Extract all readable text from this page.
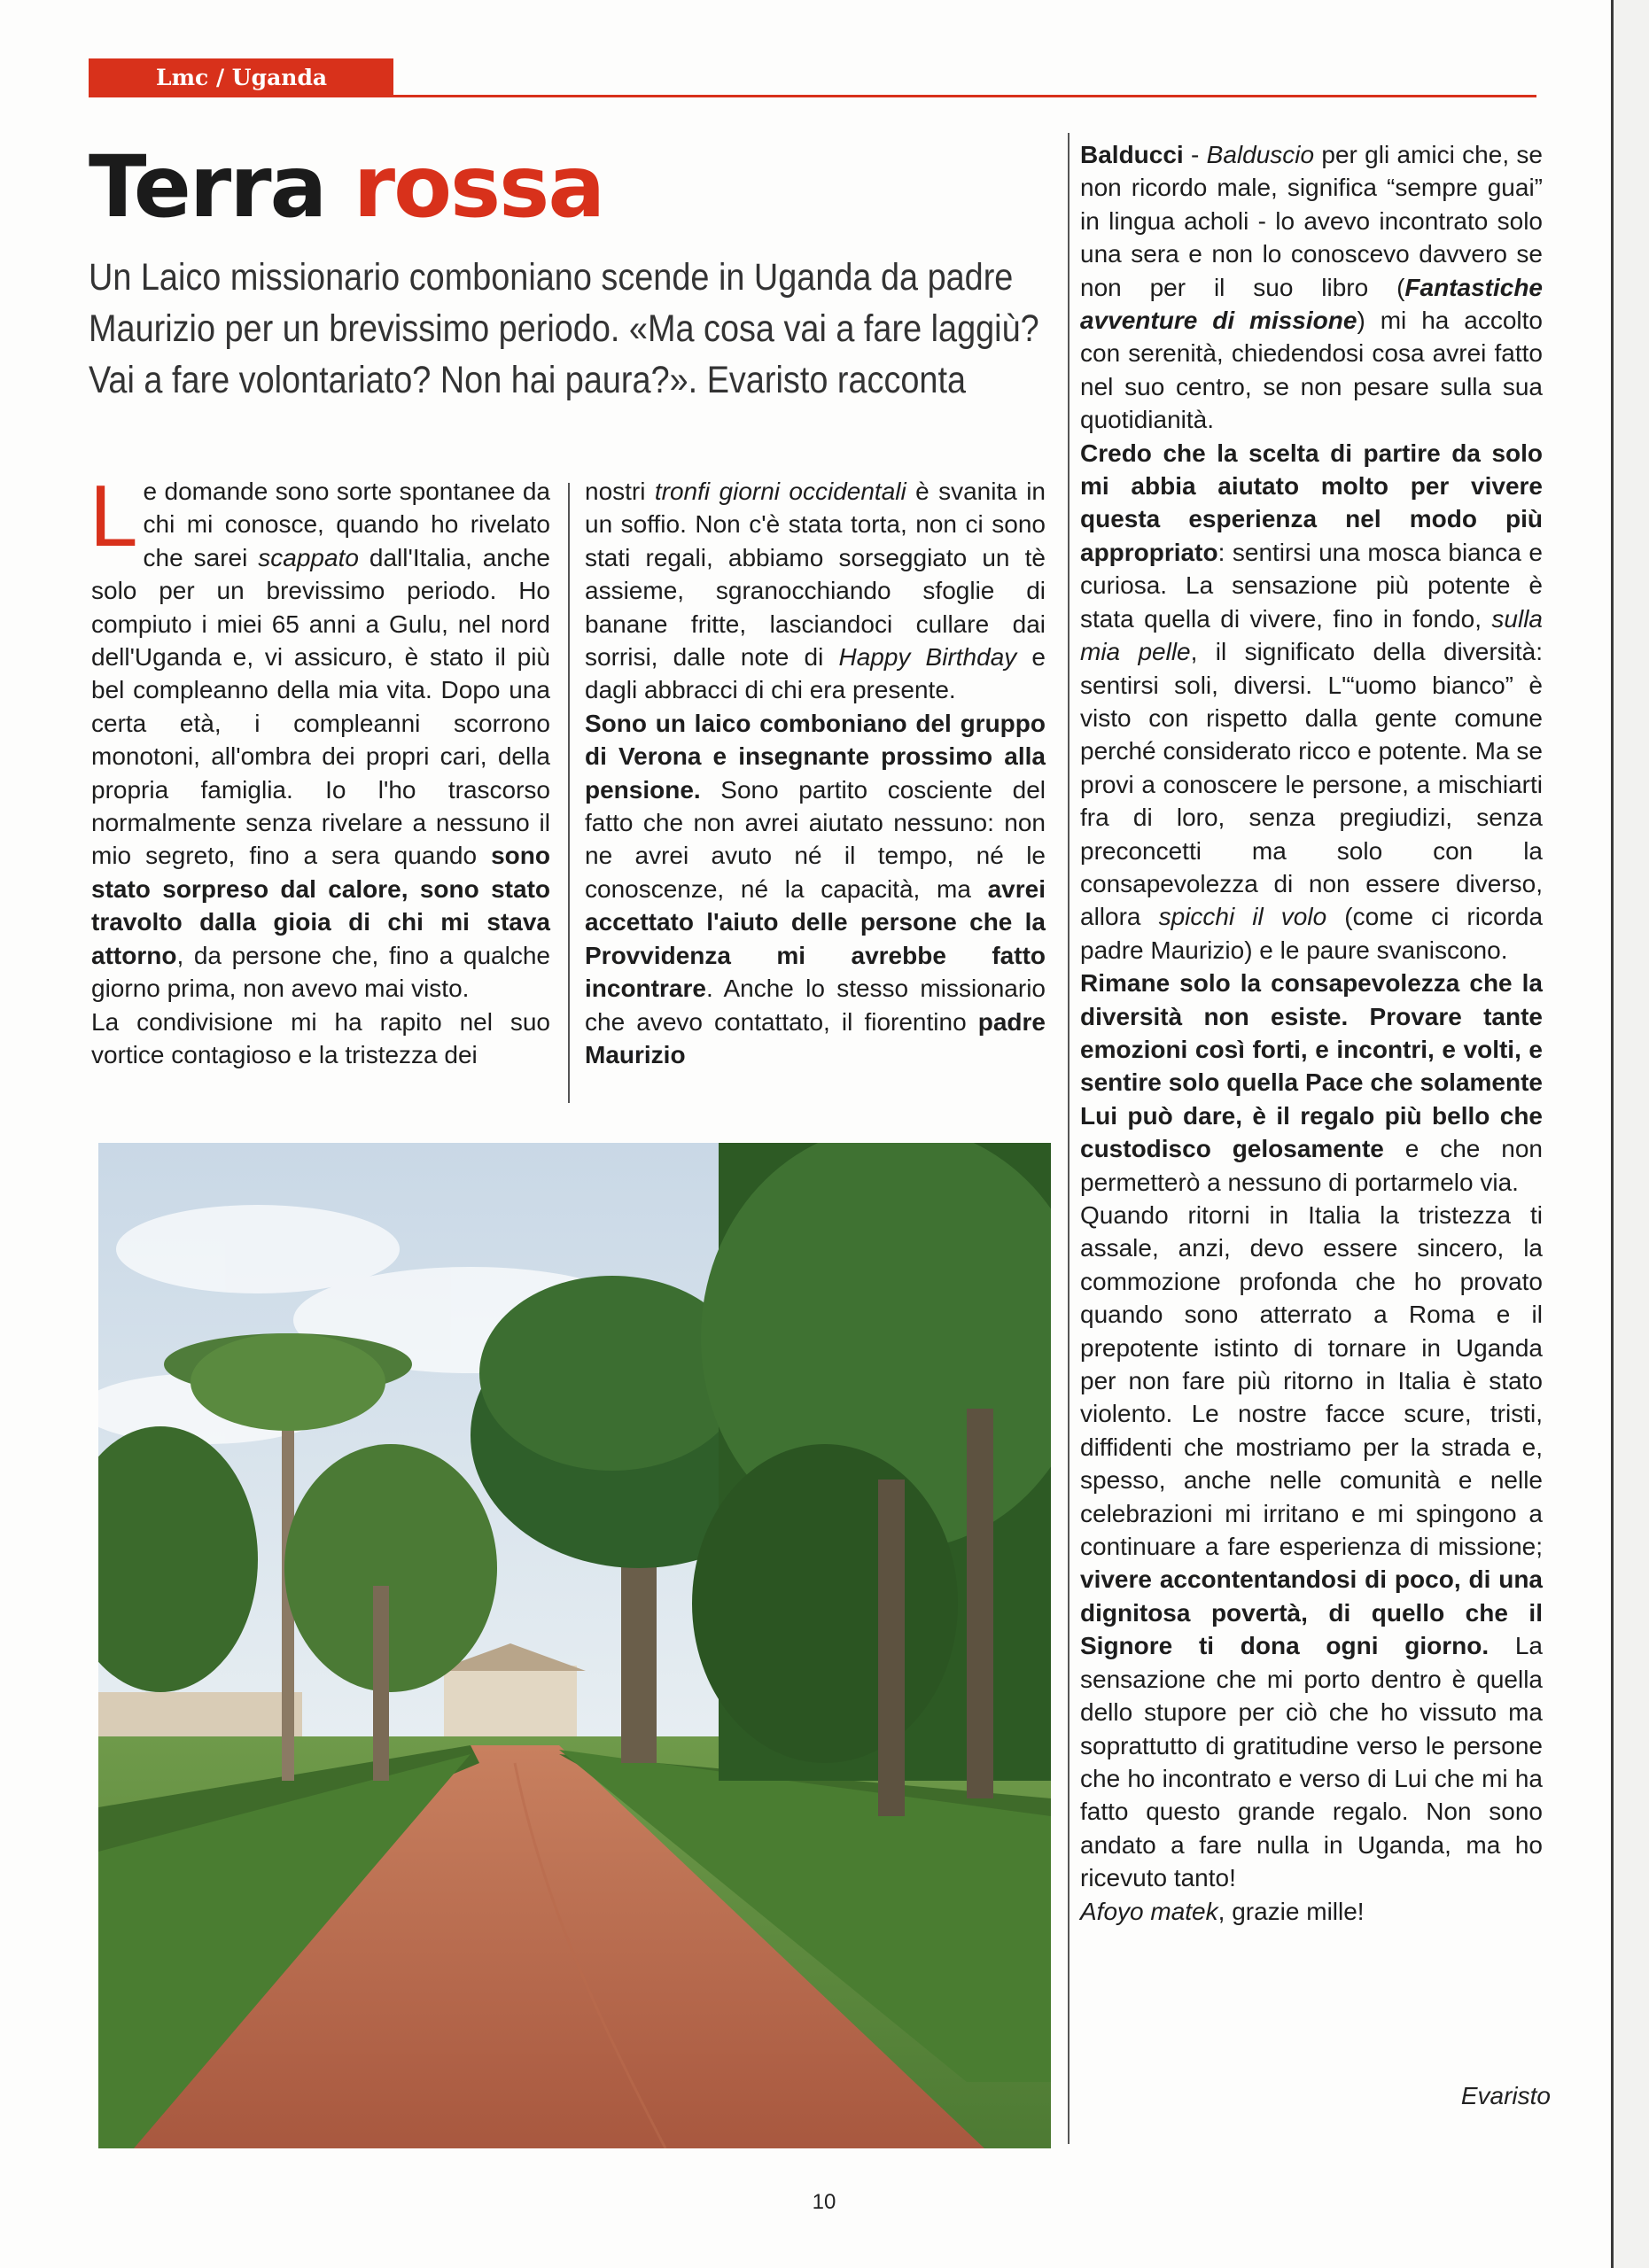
Lmc / Uganda
Terra rossa

Un Laico missionario comboniano scende in Uganda da padre Maurizio per un brevissimo periodo. «Ma cosa vai a fare laggiù? Vai a fare volontariato? Non hai paura?». Evaristo racconta

Le domande sono sorte spontanee da chi mi conosce, quando ho rivelato che sarei scappato dall'Italia, anche solo per un brevissimo periodo. Ho compiuto i miei 65 anni a Gulu, nel nord dell'Uganda e, vi assicuro, è stato il più bel compleanno della mia vita. Dopo una certa età, i compleanni scorrono monotoni, all'ombra dei propri cari, della propria famiglia. Io l'ho trascorso normalmente senza rivelare a nessuno il mio segreto, fino a sera quando sono stato sorpreso dal calore, sono stato travolto dalla gioia di chi mi stava attorno, da persone che, fino a qualche giorno prima, non avevo mai visto.

La condivisione mi ha rapito nel suo vortice contagioso e la tristezza dei

nostri tronfi giorni occidentali è svanita in un soffio. Non c'è stata torta, non ci sono stati regali, abbiamo sorseggiato un tè assieme, sgranocchiando sfoglie di banane fritte, lasciandoci cullare dai sorrisi, dalle note di Happy Birthday e dagli abbracci di chi era presente.

Sono un laico comboniano del gruppo di Verona e insegnante prossimo alla pensione. Sono partito cosciente del fatto che non avrei aiutato nessuno: non ne avrei avuto né il tempo, né le conoscenze, né la capacità, ma avrei accettato l'aiuto delle persone che la Provvidenza mi avrebbe fatto incontrare. Anche lo stesso missionario che avevo contattato, il fiorentino padre Maurizio

Balducci - Balduscio per gli amici che, se non ricordo male, significa “sempre guai” in lingua acholi - lo avevo incontrato solo una sera e non lo conoscevo davvero se non per il suo libro (Fantastiche avventure di missione) mi ha accolto con serenità, chiedendosi cosa avrei fatto nel suo centro, se non pesare sulla sua quotidianità.

Credo che la scelta di partire da solo mi abbia aiutato molto per vivere questa esperienza nel modo più appropriato: sentirsi una mosca bianca e curiosa. La sensazione più potente è stata quella di vivere, fino in fondo, sulla mia pelle, il significato della diversità: sentirsi soli, diversi. L'“uomo bianco” è visto con rispetto dalla gente comune perché considerato ricco e potente. Ma se provi a conoscere le persone, a mischiarti fra di loro, senza pregiudizi, senza preconcetti ma solo con la consapevolezza di non essere diverso, allora spicchi il volo (come ci ricorda padre Maurizio) e le paure svaniscono.

Rimane solo la consapevolezza che la diversità non esiste. Provare tante emozioni così forti, e incontri, e volti, e sentire solo quella Pace che solamente Lui può dare, è il regalo più bello che custodisco gelosamente e che non permetterò a nessuno di portarmelo via.

Quando ritorni in Italia la tristezza ti assale, anzi, devo essere sincero, la commozione profonda che ho provato quando sono atterrato a Roma e il prepotente istinto di tornare in Uganda per non fare più ritorno in Italia è stato violento. Le nostre facce scure, tristi, diffidenti che mostriamo per la strada e, spesso, anche nelle comunità e nelle celebrazioni mi irritano e mi spingono a continuare a fare esperienza di missione; vivere accontentandosi di poco, di una dignitosa povertà, di quello che il Signore ti dona ogni giorno. La sensazione che mi porto dentro è quella dello stupore per ciò che ho vissuto ma soprattutto di gratitudine verso le persone che ho incontrato e verso di Lui che mi ha fatto questo grande regalo. Non sono andato a fare nulla in Uganda, ma ho ricevuto tanto!

Afoyo matek, grazie mille!

Evaristo
10
